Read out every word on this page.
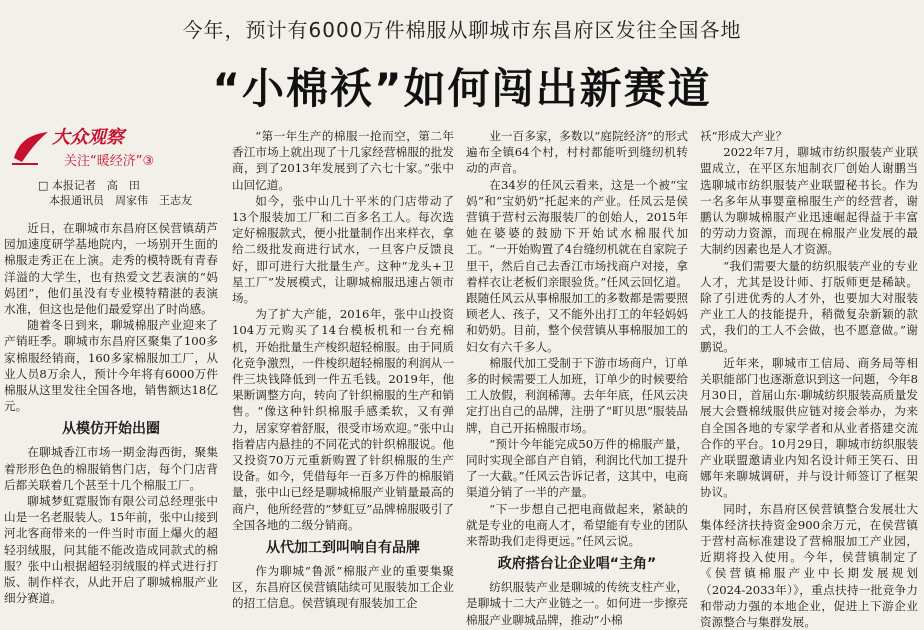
今年，预计有6000万件棉服从聊城市东昌府区发往全国各地
“小棉袄”如何闯出新赛道
大众观察
关注“暖经济”③
□ 本报记者　高　田
本报通讯员　周家伟　王志友

近日，在聊城市东昌府区侯营镇葫芦园加速度研学基地院内，一场别开生面的棉服走秀正在上演。走秀的模特既有青春洋溢的大学生，也有热爱文艺表演的“妈妈团”，他们虽没有专业模特精湛的表演水准，但这也是他们最爱穿出了时尚感。

随着冬日到来，聊城棉服产业迎来了产销旺季。聊城市东昌府区聚集了100多家棉服经销商，160多家棉服加工厂，从业人员8万余人，预计今年将有6000万件棉服从这里发往全国各地，销售额达18亿元。

从模仿开始出圈

在聊城香江市场一期金海西街，聚集着形形色色的棉服销售门店，每个门店背后都关联着几个甚至十几个棉服工厂。

聊城梦虹霓服饰有限公司总经理张中山是一名老服装人。15年前，张中山接到河北客商带来的一件当时市面上爆火的超轻羽绒服，问其能不能改造成同款式的棉服？张中山根据超轻羽绒服的样式进行打版、制作样衣，从此开启了聊城棉服产业细分赛道。

“第一年生产的棉服一抢而空，第二年香江市场上就出现了十几家经营棉服的批发商，到了2013年发展到了六七十家。”张中山回忆道。

如今，张中山几十平米的门店带动了13个服装加工厂和二百多名工人。每次选定好棉服款式，便小批量制作出来样衣，拿给二级批发商进行试水，一旦客户反馈良好，即可进行大批量生产。这种“龙头+卫星工厂”发展模式，让聊城棉服迅速占领市场。

为了扩大产能，2016年，张中山投资104万元购买了14台模板机和一台充棉机，开始批量生产梭织超轻棉服。由于同质化竞争激烈，一件梭织超轻棉服的利润从一件三块钱降低到一件五毛钱。2019年，他果断调整方向，转向了针织棉服的生产和销售。“像这种针织棉服手感柔软，又有弹力，居家穿着舒服，很受市场欢迎。”张中山指着店内悬挂的不同花式的针织棉服说。他又投资70万元重新购置了针织棉服的生产设备。如今，凭借每年一百多万件的棉服销量，张中山已经是聊城棉服产业销量最高的商户，他所经营的“梦虹豆”品牌棉服吸引了全国各地的二级分销商。

从代加工到叫响自有品牌

作为聊城“鲁派”棉服产业的重要集聚区，东昌府区侯营镇陆续可见服装加工企业的招工信息。侯营镇现有服装加工企

业一百多家，多数以“庭院经济”的形式遍布全镇64个村，村村都能听到缝纫机转动的声音。

在34岁的任风云看来，这是一个被“宝妈”和“宝奶奶”托起来的产业。任凤云是侯营镇于营村云海服装厂的创始人，2015年她在婆婆的鼓励下开始试水棉服代加工。“一开始购置了4台缝纫机就在自家院子里干，然后自己去香江市场找商户对接，拿着样衣让老板们亲眼验货。”任风云回忆道。跟随任风云从事棉服加工的多数都是需要照顾老人、孩子，又不能外出打工的年轻妈妈和奶奶。目前，整个侯营镇从事棉服加工的妇女有六千多人。

棉服代加工受制于下游市场商户，订单多的时候需要工人加班，订单少的时候要给工人放假，利润稀薄。去年年底，任风云决定打出自己的品牌，注册了“町贝思”服装品牌，自己开拓棉服市场。

“预计今年能完成50万件的棉服产量，同时实现全部自产自销，利润比代加工提升了一大截。”任风云告诉记者，这其中，电商渠道分销了一半的产量。

“下一步想自己把电商做起来，紧缺的就是专业的电商人才，希望能有专业的团队来帮助我们走得更远。”任风云说。

政府搭台让企业唱“主角”

纺织服装产业是聊城的传统支柱产业，是聊城十二大产业链之一。如何进一步擦亮棉服产业聊城品牌，推动“小棉

袄”形成大产业？

2022年7月，聊城市纺织服装产业联盟成立，在平区东旭制衣厂创始人谢鹏当选聊城市纺织服装产业联盟秘书长。作为一名多年从事婴童棉服生产的经营者，谢鹏认为聊城棉服产业迅速崛起得益于丰富的劳动力资源，而现在棉服产业发展的最大制约因素也是人才资源。

“我们需要大量的纺织服装产业的专业人才，尤其是设计师、打版师更是稀缺。除了引进优秀的人才外，也要加大对服装产业工人的技能提升，稍微复杂新颖的款式，我们的工人不会做，也不愿意做。”谢鹏说。

近年来，聊城市工信局、商务局等相关职能部门也逐渐意识到这一问题，今年8月30日，首届山东·聊城纺织服装高质量发展大会暨棉绒服供应链对接会举办，为来自全国各地的专家学者和从业者搭建交流合作的平台。10月29日，聊城市纺织服装产业联盟邀请业内知名设计师王笑石、田娜年来聊城调研，并与设计师签订了框架协议。

同时，东昌府区侯营镇整合发展壮大集体经济扶持资金900余万元，在侯营镇于营村高标准建设了营棉服加工产业园，近期将投入使用。今年，侯营镇制定了《侯营镇棉服产业中长期发展规划（2024-2033年）》，重点扶持一批竞争力和带动力强的本地企业，促进上下游企业资源整合与集群发展。
